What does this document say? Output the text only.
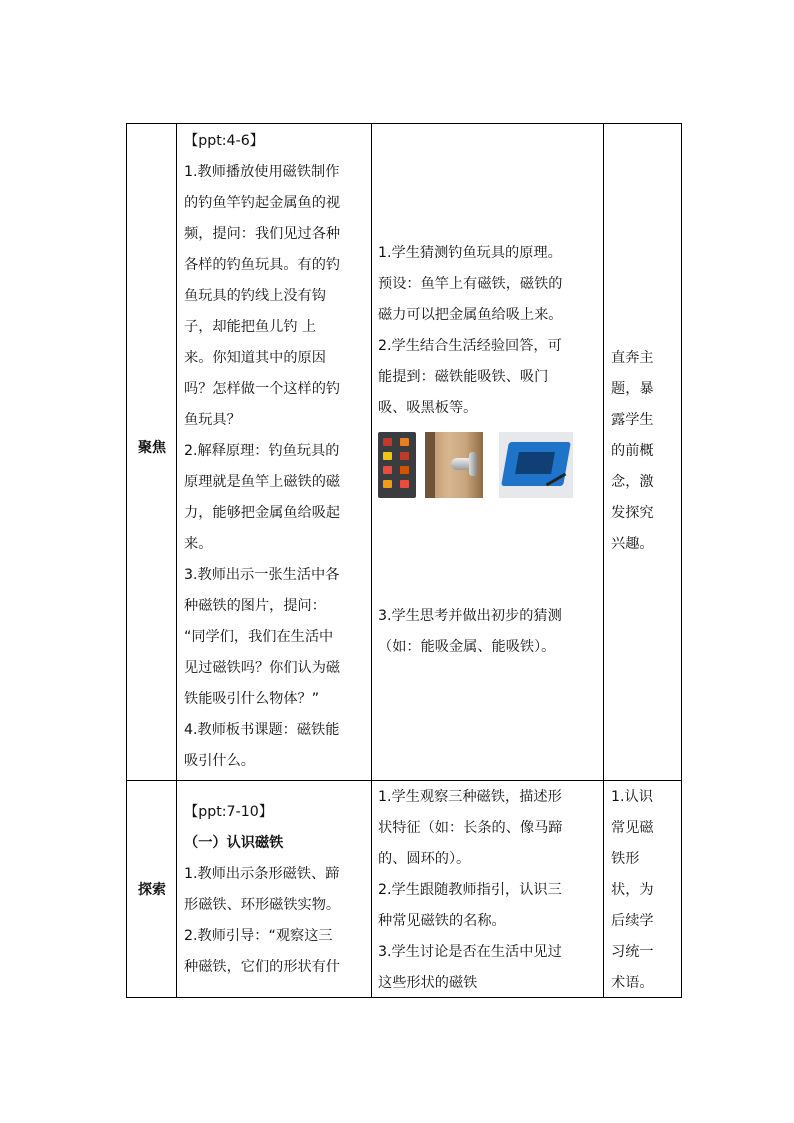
聚焦
【ppt:4-6】
1.教师播放使用磁铁制作
的钓鱼竿钓起金属鱼的视
频，提问：我们见过各种
各样的钓鱼玩具。有的钓
鱼玩具的钓线上没有钩
子，却能把鱼儿钓 上
来。你知道其中的原因
吗？怎样做一个这样的钓
鱼玩具？
2.解释原理：钓鱼玩具的
原理就是鱼竿上磁铁的磁
力，能够把金属鱼给吸起
来。
3.教师出示一张生活中各
种磁铁的图片，提问：
“同学们，我们在生活中
见过磁铁吗？你们认为磁
铁能吸引什么物体？”
4.教师板书课题：磁铁能
吸引什么。
1.学生猜测钓鱼玩具的原理。
预设：鱼竿上有磁铁，磁铁的
磁力可以把金属鱼给吸上来。
2.学生结合生活经验回答，可
能提到：磁铁能吸铁、吸门
吸、吸黑板等。
3.学生思考并做出初步的猜测
（如：能吸金属、能吸铁）。
直奔主
题，暴
露学生
的前概
念，激
发探究
兴趣。
探索
【ppt:7-10】
（一）认识磁铁
1.教师出示条形磁铁、蹄
形磁铁、环形磁铁实物。
2.教师引导：“观察这三
种磁铁，它们的形状有什
1.学生观察三种磁铁，描述形
状特征（如：长条的、像马蹄
的、圆环的）。
2.学生跟随教师指引，认识三
种常见磁铁的名称。
3.学生讨论是否在生活中见过
这些形状的磁铁
1.认识
常见磁
铁形
状，为
后续学
习统一
术语。
